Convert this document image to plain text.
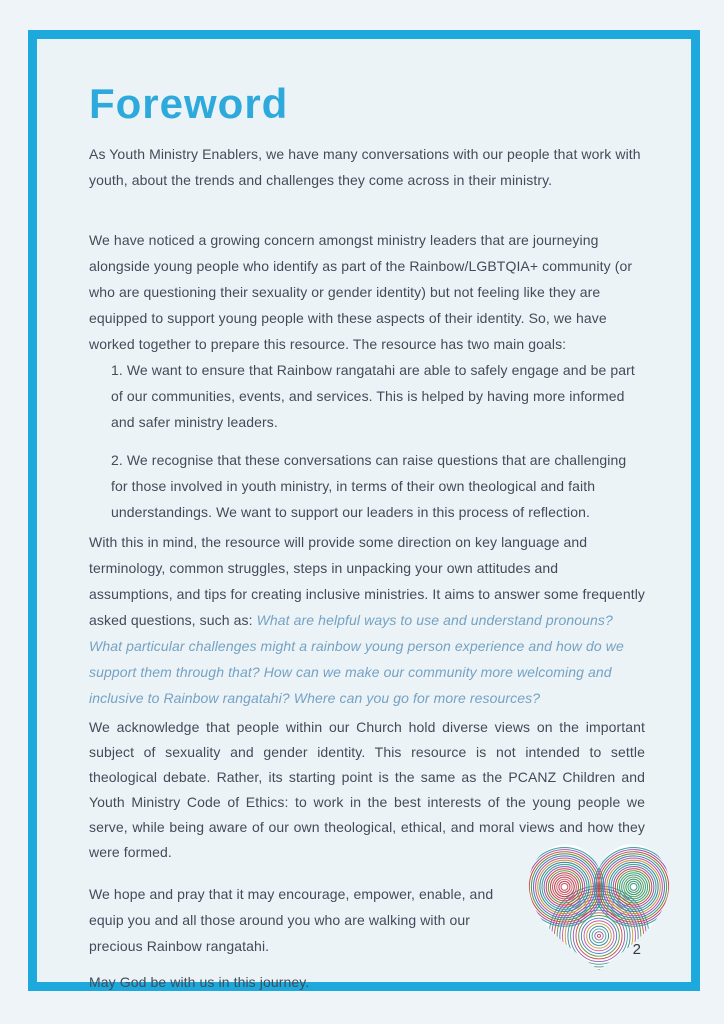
Foreword

As Youth Ministry Enablers, we have many conversations with our people that work with youth, about the trends and challenges they come across in their ministry.

We have noticed a growing concern amongst ministry leaders that are journeying alongside young people who identify as part of the Rainbow/LGBTQIA+ community (or who are questioning their sexuality or gender identity) but not feeling like they are equipped to support young people with these aspects of their identity. So, we have worked together to prepare this resource. The resource has two main goals:

1. We want to ensure that Rainbow rangatahi are able to safely engage and be part of our communities, events, and services. This is helped by having more informed and safer ministry leaders.

2. We recognise that these conversations can raise questions that are challenging for those involved in youth ministry, in terms of their own theological and faith understandings. We want to support our leaders in this process of reflection.

With this in mind, the resource will provide some direction on key language and terminology, common struggles, steps in unpacking your own attitudes and assumptions, and tips for creating inclusive ministries. It aims to answer some frequently asked questions, such as: What are helpful ways to use and understand pronouns? What particular challenges might a rainbow young person experience and how do we support them through that? How can we make our community more welcoming and inclusive to Rainbow rangatahi? Where can you go for more resources?

We acknowledge that people within our Church hold diverse views on the important subject of sexuality and gender identity. This resource is not intended to settle theological debate. Rather, its starting point is the same as the PCANZ Children and Youth Ministry Code of Ethics: to work in the best interests of the young people we serve, while being aware of our own theological, ethical, and moral views and how they were formed.

We hope and pray that it may encourage, empower, enable, and equip you and all those around you who are walking with our precious Rainbow rangatahi.

May God be with us in this journey.

2
